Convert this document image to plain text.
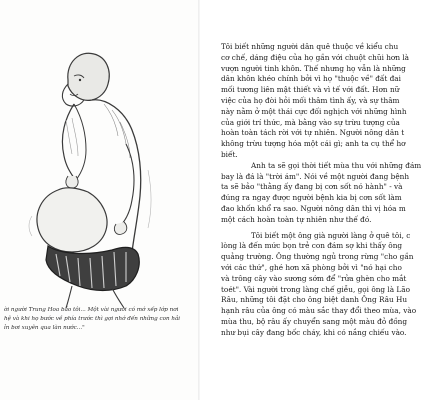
ời người Trung Hoa bảo tôi... Một vài người có mớ xếp lớp nơi
hệ và khi họ bước về phía trước thì gợi nhớ đến những con hải
ỉn bơi xuyên qua làn nước..."
Tôi biết những người dân quê thuộc về kiểu chu
cơ chế, dáng điệu của họ gần với chuột chũi hơn là
vượn người tinh khôn. Thế nhưng họ vẫn là những
dân khôn khéo chính bởi vì họ "thuộc về" đất đai
mối tương liên mật thiết và vì tế với đất. Hơn nữ
việc của họ đòi hỏi mối thâm tình ấy, và sự thâm
này nằm ở một thái cực đối nghịch với những hình
của giới trí thức, mà bằng vào sự trừu tượng của
hoàn toàn tách rời với tự nhiên. Người nông dân t
không trừu tượng hóa một cái gì; anh ta cụ thể hơ
biết.
Anh ta sẽ gọi thời tiết mùa thu với những đám
bay là đá là "trời ám". Nói về một người đang bệnh
ta sẽ bảo "thằng ấy đang bị cơn sốt nó hành" - và
đúng ra ngay được người bệnh kia bị cơn sốt làm
đao khốn khổ ra sao. Người nông dân thì vị hóa m
một cách hoàn toàn tự nhiên như thế đó.
Tôi biết một ông già người làng ở quê tôi, c
lòng là đến mức bọn trẻ con đám sợ khi thấy ông
quảng trường. Ông thường ngủ trong rừng "cho gần
với các thứ", ghé hơn xã phòng bởi vì "nó hại cho
và trông cây vào sương sớm để "rửa ghèn cho mắt
toét". Vài người trong làng chế giễu, gọi ông là Lão
Râu, những tôi đặt cho ông biệt danh Ông Râu Hu
hạnh râu của ông có màu sắc thay đổi theo mùa, vào
mùa thu, bộ râu ấy chuyển sang một màu đỏ đồng
như bụi cây đang bốc cháy, khi có nắng chiếu vào.
